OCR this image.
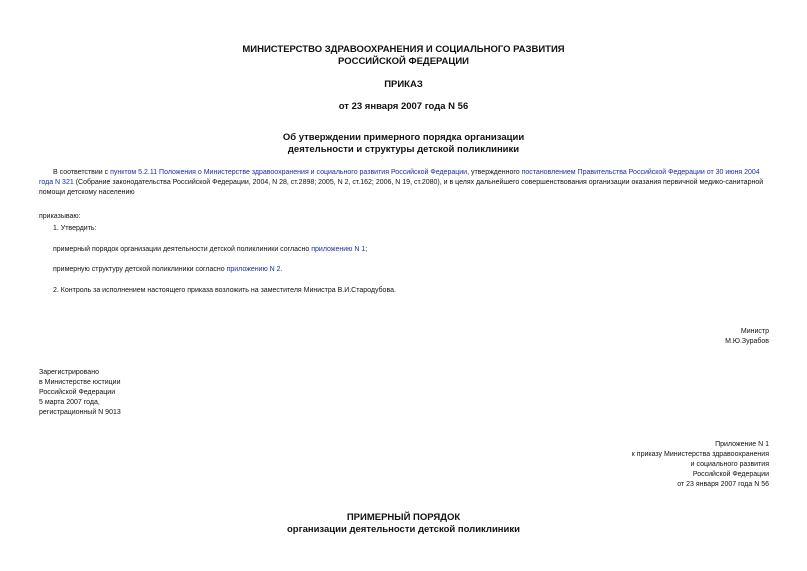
МИНИСТЕРСТВО ЗДРАВООХРАНЕНИЯ И СОЦИАЛЬНОГО РАЗВИТИЯ
РОССИЙСКОЙ ФЕДЕРАЦИИ
ПРИКАЗ
от 23 января 2007 года N 56
Об утверждении примерного порядка организации
деятельности и структуры детской поликлиники
В соответствии с пунктом 5.2.11 Положения о Министерстве здравоохранения и социального развития Российской Федерации, утвержденного постановлением Правительства Российской Федерации от 30 июня 2004 года N 321 (Собрание законодательства Российской Федерации, 2004, N 28, ст.2898; 2005, N 2, ст.162; 2006, N 19, ст.2080), и в целях дальнейшего совершенствования организации оказания первичной медико-санитарной помощи детскому населению
приказываю:
1. Утвердить:
примерный порядок организации деятельности детской поликлиники согласно приложению N 1;
примерную структуру детской поликлиники согласно приложению N 2.
2. Контроль за исполнением настоящего приказа возложить на заместителя Министра В.И.Стародубова.
Министр
М.Ю.Зурабов
Зарегистрировано
в Министерстве юстиции
Российской Федерации
5 марта 2007 года,
регистрационный N 9013
Приложение N 1
к приказу Министерства здравоохранения
и социального развития
Российской Федерации
от 23 января 2007 года N 56
ПРИМЕРНЫЙ ПОРЯДОК
организации деятельности детской поликлиники
